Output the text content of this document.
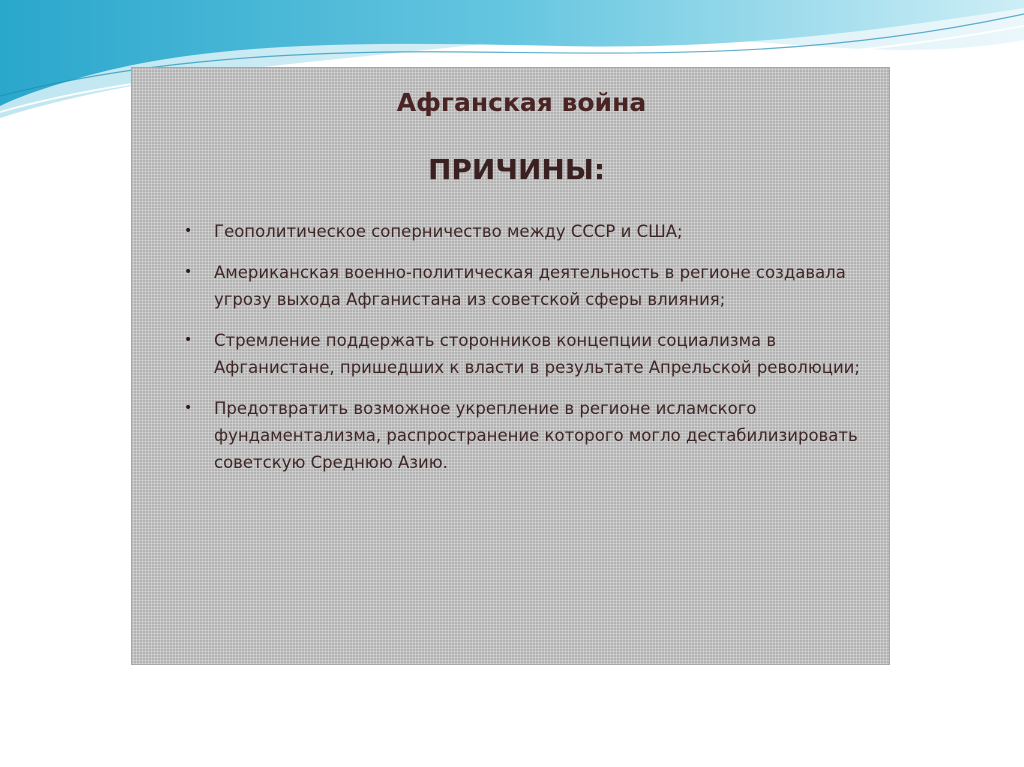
Афганская война
ПРИЧИНЫ:
• Геополитическое соперничество между СССР и США;
• Американская военно-политическая деятельность в регионе создавала угрозу выхода Афганистана из советской сферы влияния;
• Стремление поддержать сторонников концепции социализма в Афганистане, пришедших к власти в результате Апрельской революции;
• Предотвратить возможное укрепление в регионе исламского фундаментализма, распространение которого могло дестабилизировать советскую Среднюю Азию.
